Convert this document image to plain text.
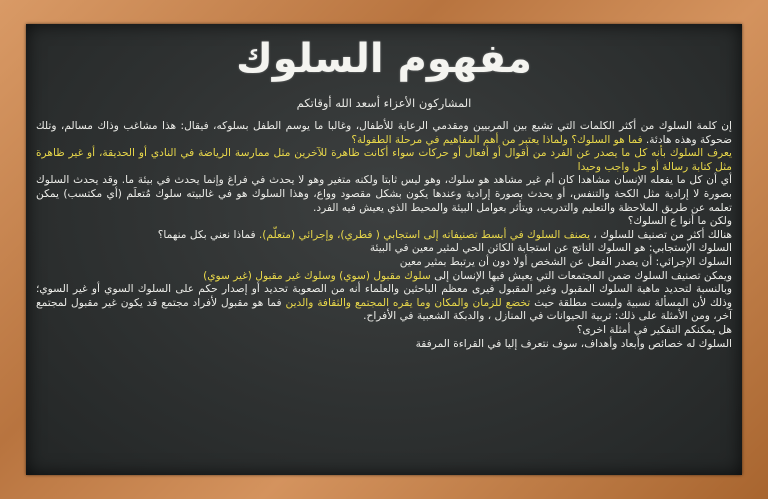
مفهوم السلوك
المشاركون الأعزاء أسعد الله أوقاتكم

إن كلمة السلوك من أكثر الكلمات التي تشيع بين المربيين ومقدمي الرعاية للأطفال، وغالبا ما يوسم الطفل بسلوكه، فيقال: هذا مشاغب وذاك مسالم، وتلك ضحوكة وهذه هادئة. فما هو السلوك؟ ولماذا يعتبر من أهم المفاهيم في مرحلة الطفولة؟

يعرف السلوك بأنه كل ما يصدر عن الفرد من أقوال أو أفعال أو حركات سواء أكانت ظاهرة للآخرين مثل ممارسة الرياضة في النادي أو الحديقة، أو غير ظاهرة مثل كتابة رسالة أو حل واجب وحيدا

أي أن كل ما يفعله الإنسان مشاهدا كان أم غير مشاهد هو سلوك، وهو ليس ثابتا ولكنه متغير وهو لا يحدث في فراغ وإنما يحدث في بيئة ما. وقد يحدث السلوك بصورة لا إرادية مثل الكحة والتنفس، أو يحدث بصورة إرادية وعندها يكون بشكل مقصود وواع، وهذا السلوك هو في غالبيته سلوك مُتعلَم (أي مكتسب) يمكن تعلمه عن طريق الملاحظة والتعليم والتدريب، ويتأثر بعوامل البيئة والمحيط الذي يعيش فيه الفرد.

ولكن ما أنوا ع السلوك؟

هنالك أكثر من تصنيف للسلوك ، يصنف السلوك في أبسط تصنيفاته إلى استجابي ( فطري)، وإجرائي (متعلّم). فماذا نعني بكل منهما؟

السلوك الإستجابي: هو السلوك الناتج عن استجابة الكائن الحي لمثير معين في البيئة

السلوك الإجرائي: أن يصدر الفعل عن الشخص أولا دون أن يرتبط بمثير معين

ويمكن تصنيف السلوك ضمن المجتمعات التي يعيش فيها الإنسان إلى سلوك مقبول (سوي) وسلوك غير مقبول (غير سوي)

وبالنسبة لتحديد ماهية السلوك المقبول وغير المقبول فيرى معظم الباحثين والعلماء أنه من الصعوبة تحديد أو إصدار حكم على السلوك السوي أو غير السوي؛ وذلك لأن المسألة نسبية وليست مطلقة حيث تخضع للزمان والمكان وما يقره المجتمع والثقافة والدين فما هو مقبول لأفراد مجتمع قد يكون غير مقبول لمجتمع آخر، ومن الأمثلة على ذلك: تربية الحيوانات في المنازل ، والدبكة الشعبية في الأفراح.

هل يمكنكم التفكير في أمثلة اخرى؟

السلوك له خصائص وأبعاد وأهداف، سوف نتعرف إليا في القراءة المرفقة
